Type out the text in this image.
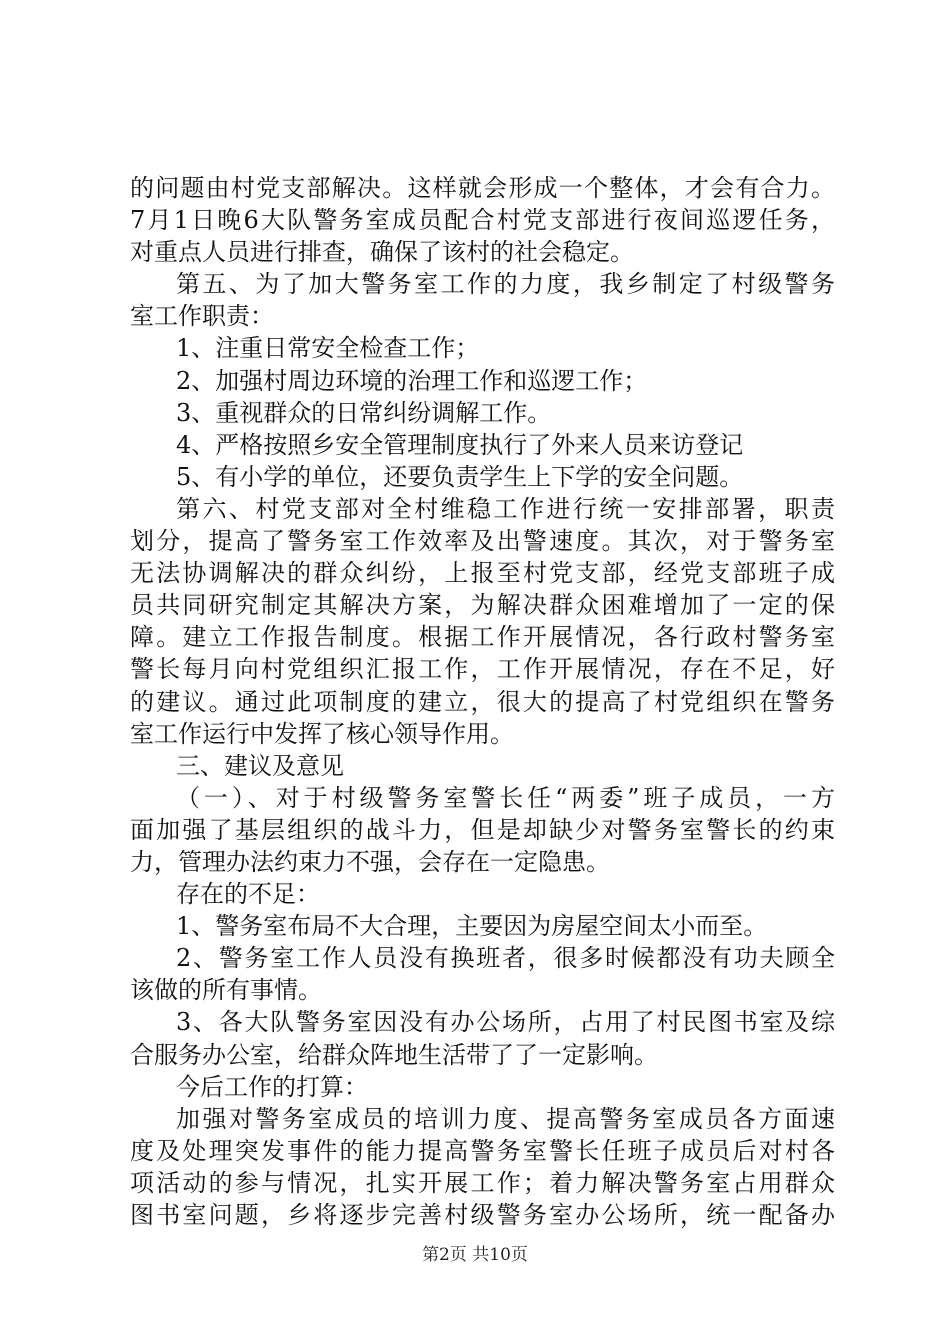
的问题由村党支部解决。这样就会形成一个整体，才会有合力。
7月1日晚6大队警务室成员配合村党支部进行夜间巡逻任务，
对重点人员进行排查，确保了该村的社会稳定。
第五、为了加大警务室工作的力度，我乡制定了村级警务
室工作职责：
1、注重日常安全检查工作；
2、加强村周边环境的治理工作和巡逻工作；
3、重视群众的日常纠纷调解工作。
4、严格按照乡安全管理制度执行了外来人员来访登记
5、有小学的单位，还要负责学生上下学的安全问题。
第六、村党支部对全村维稳工作进行统一安排部署，职责
划分，提高了警务室工作效率及出警速度。其次，对于警务室
无法协调解决的群众纠纷，上报至村党支部，经党支部班子成
员共同研究制定其解决方案，为解决群众困难增加了一定的保
障。建立工作报告制度。根据工作开展情况，各行政村警务室
警长每月向村党组织汇报工作，工作开展情况，存在不足，好
的建议。通过此项制度的建立，很大的提高了村党组织在警务
室工作运行中发挥了核心领导作用。
三、建议及意见
（一）、对于村级警务室警长任“两委”班子成员，一方
面加强了基层组织的战斗力，但是却缺少对警务室警长的约束
力，管理办法约束力不强，会存在一定隐患。
存在的不足：
1、警务室布局不大合理，主要因为房屋空间太小而至。
2、警务室工作人员没有换班者，很多时候都没有功夫顾全
该做的所有事情。
3、各大队警务室因没有办公场所，占用了村民图书室及综
合服务办公室，给群众阵地生活带了了一定影响。
今后工作的打算：
加强对警务室成员的培训力度、提高警务室成员各方面速
度及处理突发事件的能力提高警务室警长任班子成员后对村各
项活动的参与情况，扎实开展工作；着力解决警务室占用群众
图书室问题，乡将逐步完善村级警务室办公场所，统一配备办
第2页 共10页
